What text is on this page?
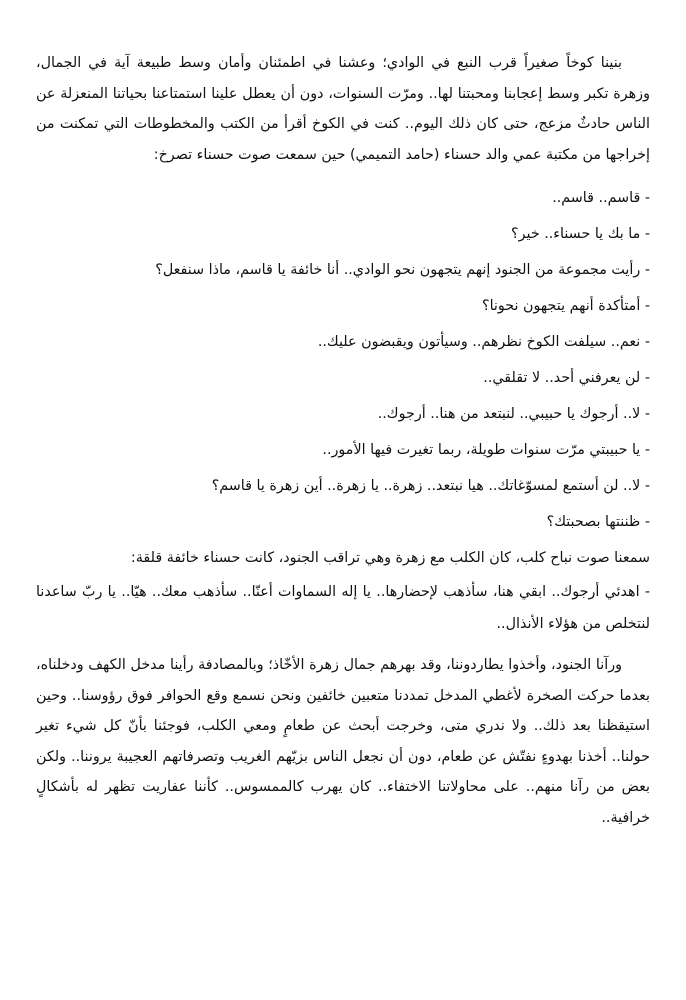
بنينا كوخاً صغيراً قرب النبع في الوادي؛ وعشنا في اطمئنان وأمان وسط طبيعة آية في الجمال، وزهرة تكبر وسط إعجابنا ومحبتنا لها.. ومرّت السنوات، دون أن يعطل علينا استمتاعنا بحياتنا المنعزلة عن الناس حادثٌ مزعج، حتى كان ذلك اليوم.. كنت في الكوخ أقرأ من الكتب والمخطوطات التي تمكنت من إخراجها من مكتبة عمي والد حسناء (حامد التميمي) حين سمعت صوت حسناء تصرخ:

- قاسم.. قاسم..

- ما بك يا حسناء.. خير؟

- رأيت مجموعة من الجنود إنهم يتجهون نحو الوادي.. أنا خائفة يا قاسم، ماذا سنفعل؟

- أمتأكدة أنهم يتجهون نحونا؟

- نعم.. سيلفت الكوخ نظرهم.. وسيأتون ويقبضون عليك..

- لن يعرفني أحد.. لا تقلقي..

- لا.. أرجوك يا حبيبي.. لنبتعد من هنا.. أرجوك..

- يا حبيبتي مرّت سنوات طويلة، ربما تغيرت فيها الأمور..

- لا.. لن أستمع لمسوّغاتك.. هيا نبتعد.. زهرة.. يا زهرة.. أين زهرة يا قاسم؟

- ظننتها بصحبتك؟

سمعنا صوت نباح كلب، كان الكلب مع زهرة وهي تراقب الجنود، كانت حسناء خائفة قلقة:

- اهدئي أرجوك.. ابقي هنا، سأذهب لإحضارها.. يا إله السماوات أعنّا.. سأذهب معك.. هيّا.. يا ربّ ساعدنا لنتخلص من هؤلاء الأنذال..

ورآنا الجنود، وأخذوا يطاردوننا، وقد بهرهم جمال زهرة الأخّاذ؛ وبالمصادفة رأينا مدخل الكهف ودخلناه، بعدما حركت الصخرة لأغطي المدخل تمددنا متعبين خائفين ونحن نسمع وقع الحوافر فوق رؤوسنا.. وحين استيقظنا بعد ذلك.. ولا ندري متى، وخرجت أبحث عن طعامٍ ومعي الكلب، فوجئنا بأنّ كل شيء تغير حولنا.. أخذنا بهدوءٍ نفتّش عن طعام، دون أن نجعل الناس بزيّهم الغريب وتصرفاتهم العجيبة يروننا.. ولكن بعض من رآنا منهم.. على محاولاتنا الاختفاء.. كان يهرب كالممسوس.. كأننا عفاريت تظهر له بأشكالٍ خرافية..
